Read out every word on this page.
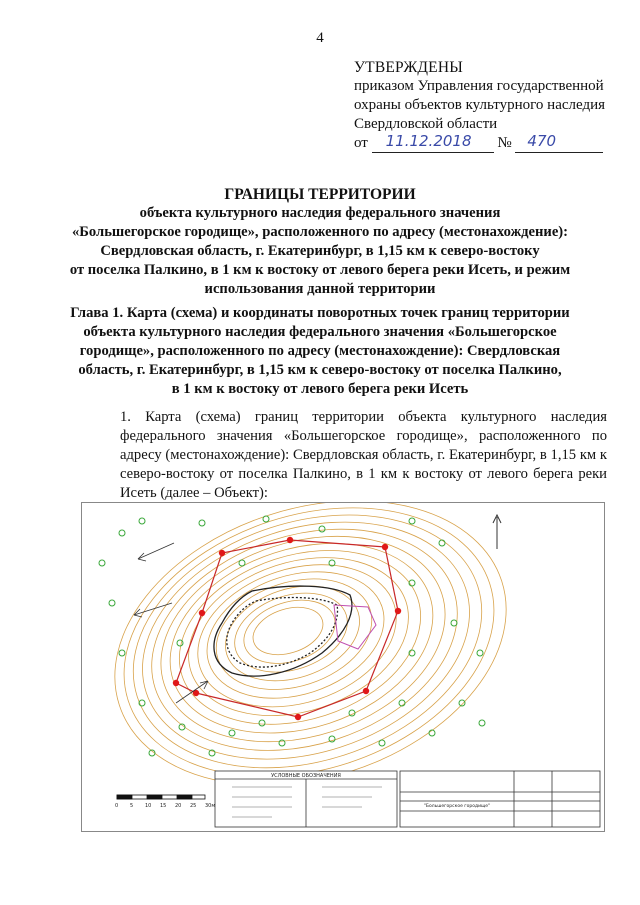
4
УТВЕРЖДЕНЫ
приказом Управления государственной
охраны объектов культурного наследия
Свердловской области
от 11.12.2018 № 470
ГРАНИЦЫ ТЕРРИТОРИИ
объекта культурного наследия федерального значения
«Большегорское городище», расположенного по адресу (местонахождение):
Свердловская область, г. Екатеринбург, в 1,15 км к северо-востоку
от поселка Палкино, в 1 км к востоку от левого берега реки Исеть, и режим
использования данной территории
Глава 1. Карта (схема) и координаты поворотных точек границ территории
объекта культурного наследия федерального значения «Большегорское
городище», расположенного по адресу (местонахождение): Свердловская
область, г. Екатеринбург, в 1,15 км к северо-востоку от поселка Палкино,
в 1 км к востоку от левого берега реки Исеть
1. Карта (схема) границ территории объекта культурного наследия федерального значения «Большегорское городище», расположенного по адресу (местонахождение): Свердловская область, г. Екатеринбург, в 1,15 км к северо-востоку от поселка Палкино, в 1 км к востоку от левого берега реки Исеть (далее – Объект):
УСЛОВНЫЕ ОБОЗНАЧЕНИЯ
0 5 10 15 20 25 30м	"Большегорское городище"
